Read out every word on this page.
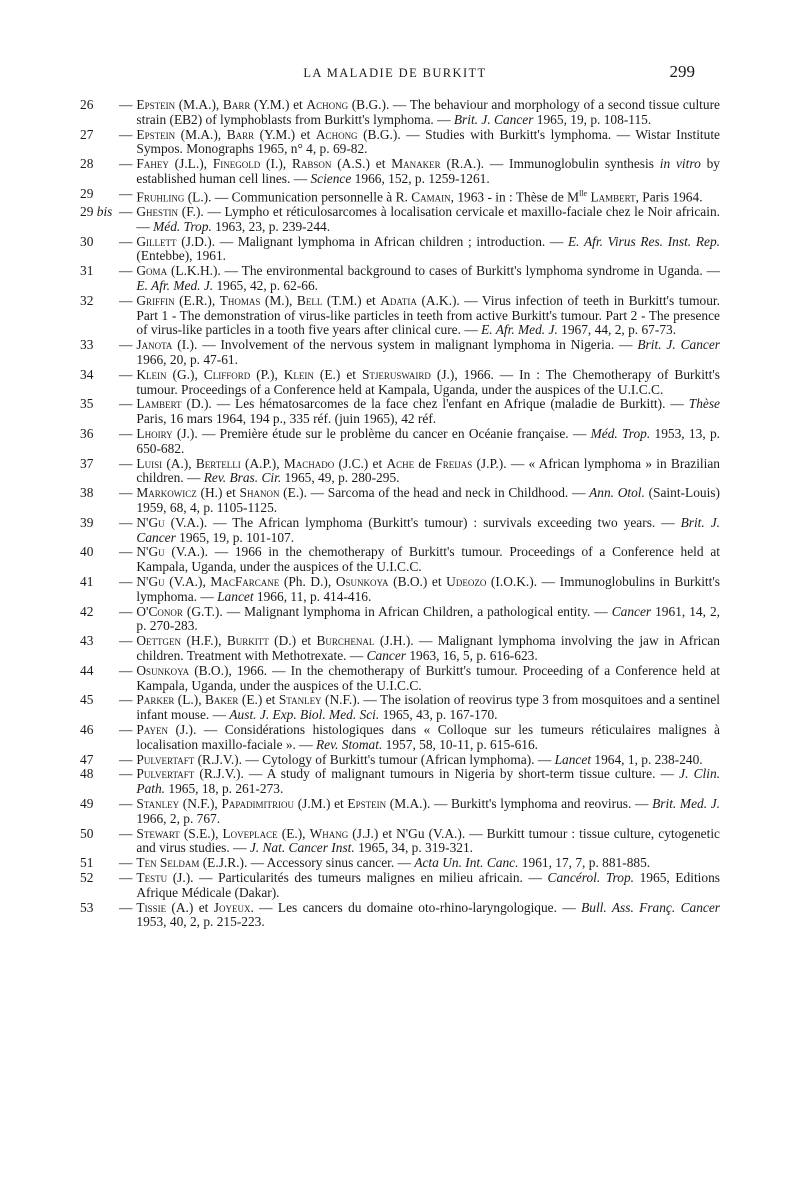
LA MALADIE DE BURKITT	299
26	— Epstein (M.A.), Barr (Y.M.) et Achong (B.G.). — The behaviour and morphology of a second tissue culture strain (EB2) of lymphoblasts from Burkitt's lymphoma. — Brit. J. Cancer 1965, 19, p. 108-115.
27	— Epstein (M.A.), Barr (Y.M.) et Achong (B.G.). — Studies with Burkitt's lymphoma. — Wistar Institute Sympos. Monographs 1965, n° 4, p. 69-82.
28	— Fahey (J.L.), Finegold (I.), Rabson (A.S.) et Manaker (R.A.). — Immunoglobulin synthesis in vitro by established human cell lines. — Science 1966, 152, p. 1259-1261.
29	— Fruhling (L.). — Communication personnelle à R. Camain, 1963 - in : Thèse de $M^{lle}$ Lambert, Paris 1964.
29 bis — Ghestin (F.). — Lympho et réticulosarcomes à localisation cervicale et maxillo-faciale chez le Noir africain. — Méd. Trop. 1963, 23, p. 239-244.
30	— Gillett (J.D.). — Malignant lymphoma in African children ; introduction. — E. Afr. Virus Res. Inst. Rep. (Entebbe), 1961.
31	— Goma (L.K.H.). — The environmental background to cases of Burkitt's lymphoma syndrome in Uganda. — E. Afr. Med. J. 1965, 42, p. 62-66.
32	— Griffin (E.R.), Thomas (M.), Bell (T.M.) et Adatia (A.K.). — Virus infection of teeth in Burkitt's tumour. Part 1 - The demonstration of virus-like particles in teeth from active Burkitt's tumour. Part 2 - The presence of virus-like particles in a tooth five years after clinical cure. — E. Afr. Med. J. 1967, 44, 2, p. 67-73.
33	— Janota (I.). — Involvement of the nervous system in malignant lymphoma in Nigeria. — Brit. J. Cancer 1966, 20, p. 47-61.
34	— Klein (G.), Clifford (P.), Klein (E.) et Stjeruswaird (J.), 1966. — In : The Chemotherapy of Burkitt's tumour. Proceedings of a Conference held at Kampala, Uganda, under the auspices of the U.I.C.C.
35	— Lambert (D.). — Les hématosarcomes de la face chez l'enfant en Afrique (maladie de Burkitt). — Thèse Paris, 16 mars 1964, 194 p., 335 réf. (juin 1965), 42 réf.
36	— Lhoiry (J.). — Première étude sur le problème du cancer en Océanie française. — Méd. Trop. 1953, 13, p. 650-682.
37	— Luisi (A.), Bertelli (A.P.), Machado (J.C.) et Ache de Freijas (J.P.). — « African lymphoma » in Brazilian children. — Rev. Bras. Cir. 1965, 49, p. 280-295.
38	— Markowicz (H.) et Shanon (E.). — Sarcoma of the head and neck in Childhood. — Ann. Otol. (Saint-Louis) 1959, 68, 4, p. 1105-1125.
39	— N'Gu (V.A.). — The African lymphoma (Burkitt's tumour) : survivals exceeding two years. — Brit. J. Cancer 1965, 19, p. 101-107.
40	— N'Gu (V.A.). — 1966 in the chemotherapy of Burkitt's tumour. Proceedings of a Conference held at Kampala, Uganda, under the auspices of the U.I.C.C.
41	— N'Gu (V.A.), MacFarcane (Ph. D.), Osunkoya (B.O.) et Udeozo (I.O.K.). — Immunoglobulins in Burkitt's lymphoma. — Lancet 1966, 11, p. 414-416.
42	— O'Conor (G.T.). — Malignant lymphoma in African Children, a pathological entity. — Cancer 1961, 14, 2, p. 270-283.
43	— Oettgen (H.F.), Burkitt (D.) et Burchenal (J.H.). — Malignant lymphoma involving the jaw in African children. Treatment with Methotrexate. — Cancer 1963, 16, 5, p. 616-623.
44	— Osunkoya (B.O.), 1966. — In the chemotherapy of Burkitt's tumour. Proceeding of a Conference held at Kampala, Uganda, under the auspices of the U.I.C.C.
45	— Parker (L.), Baker (E.) et Stanley (N.F.). — The isolation of reovirus type 3 from mosquitoes and a sentinel infant mouse. — Aust. J. Exp. Biol. Med. Sci. 1965, 43, p. 167-170.
46	— Payen (J.). — Considérations histologiques dans « Colloque sur les tumeurs réticulaires malignes à localisation maxillo-faciale ». — Rev. Stomat. 1957, 58, 10-11, p. 615-616.
47	— Pulvertaft (R.J.V.). — Cytology of Burkitt's tumour (African lymphoma). — Lancet 1964, 1, p. 238-240.
48	— Pulvertaft (R.J.V.). — A study of malignant tumours in Nigeria by short-term tissue culture. — J. Clin. Path. 1965, 18, p. 261-273.
49	— Stanley (N.F.), Papadimitriou (J.M.) et Epstein (M.A.). — Burkitt's lymphoma and reovirus. — Brit. Med. J. 1966, 2, p. 767.
50	— Stewart (S.E.), Loveplace (E.), Whang (J.J.) et N'Gu (V.A.). — Burkitt tumour : tissue culture, cytogenetic and virus studies. — J. Nat. Cancer Inst. 1965, 34, p. 319-321.
51	— Ten Seldam (E.J.R.). — Accessory sinus cancer. — Acta Un. Int. Canc. 1961, 17, 7, p. 881-885.
52	— Testu (J.). — Particularités des tumeurs malignes en milieu africain. — Cancérol. Trop. 1965, Editions Afrique Médicale (Dakar).
53	— Tissie (A.) et Joyeux. — Les cancers du domaine oto-rhino-laryngologique. — Bull. Ass. Franç. Cancer 1953, 40, 2, p. 215-223.
